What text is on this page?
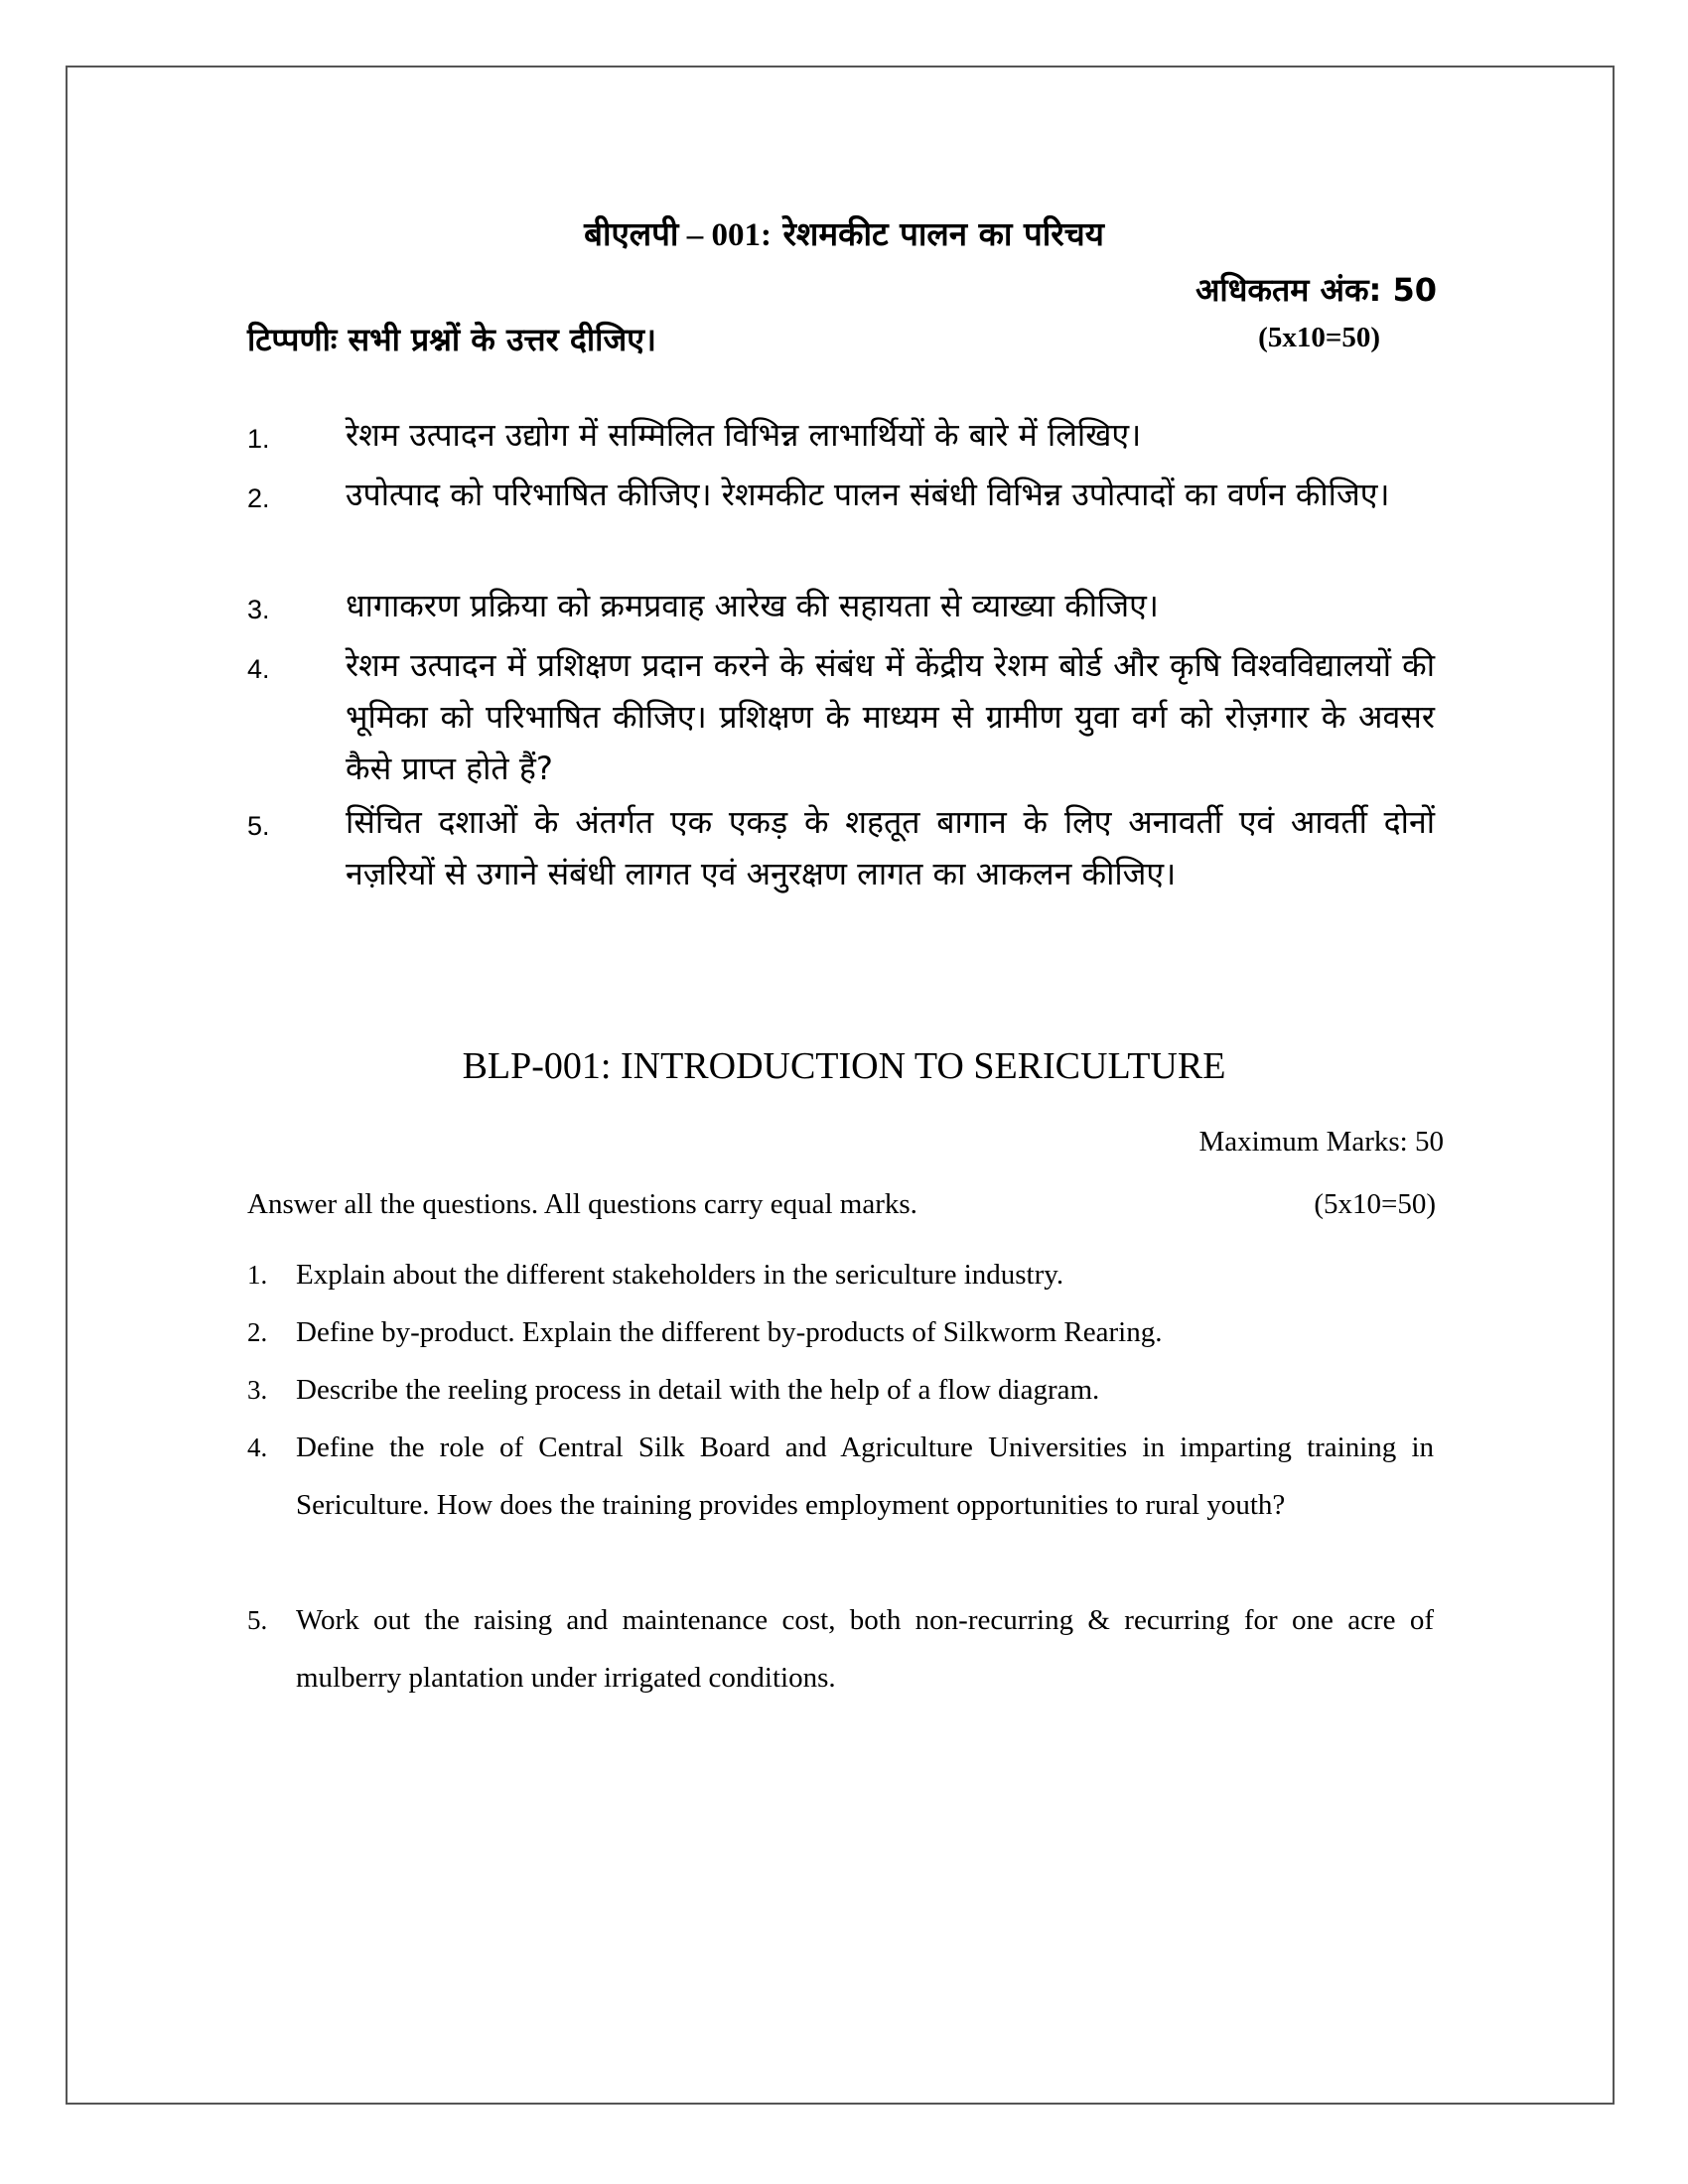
बीएलपी – 001: रेशमकीट पालन का परिचय
अधिकतम अंक: 50
टिप्पणीः सभी प्रश्नों के उत्तर दीजिए।	(5x10=50)
1. रेशम उत्पादन उद्योग में सम्मिलित विभिन्न लाभार्थियों के बारे में लिखिए।
2. उपोत्पाद को परिभाषित कीजिए। रेशमकीट पालन संबंधी विभिन्न उपोत्पादों का वर्णन कीजिए।
3. धागाकरण प्रक्रिया को क्रमप्रवाह आरेख की सहायता से व्याख्या कीजिए।
4. रेशम उत्पादन में प्रशिक्षण प्रदान करने के संबंध में केंद्रीय रेशम बोर्ड और कृषि विश्वविद्यालयों की भूमिका को परिभाषित कीजिए। प्रशिक्षण के माध्यम से ग्रामीण युवा वर्ग को रोज़गार के अवसर कैसे प्राप्त होते हैं?
5. सिंचित दशाओं के अंतर्गत एक एकड़ के शहतूत बागान के लिए अनावर्ती एवं आवर्ती दोनों नज़रियों से उगाने संबंधी लागत एवं अनुरक्षण लागत का आकलन कीजिए।
BLP-001: INTRODUCTION TO SERICULTURE
Maximum Marks: 50
Answer all the questions. All questions carry equal marks.	(5x10=50)
1. Explain about the different stakeholders in the sericulture industry.
2. Define by-product. Explain the different by-products of Silkworm Rearing.
3. Describe the reeling process in detail with the help of a flow diagram.
4. Define the role of Central Silk Board and Agriculture Universities in imparting training in Sericulture. How does the training provides employment opportunities to rural youth?
5. Work out the raising and maintenance cost, both non-recurring & recurring for one acre of mulberry plantation under irrigated conditions.
